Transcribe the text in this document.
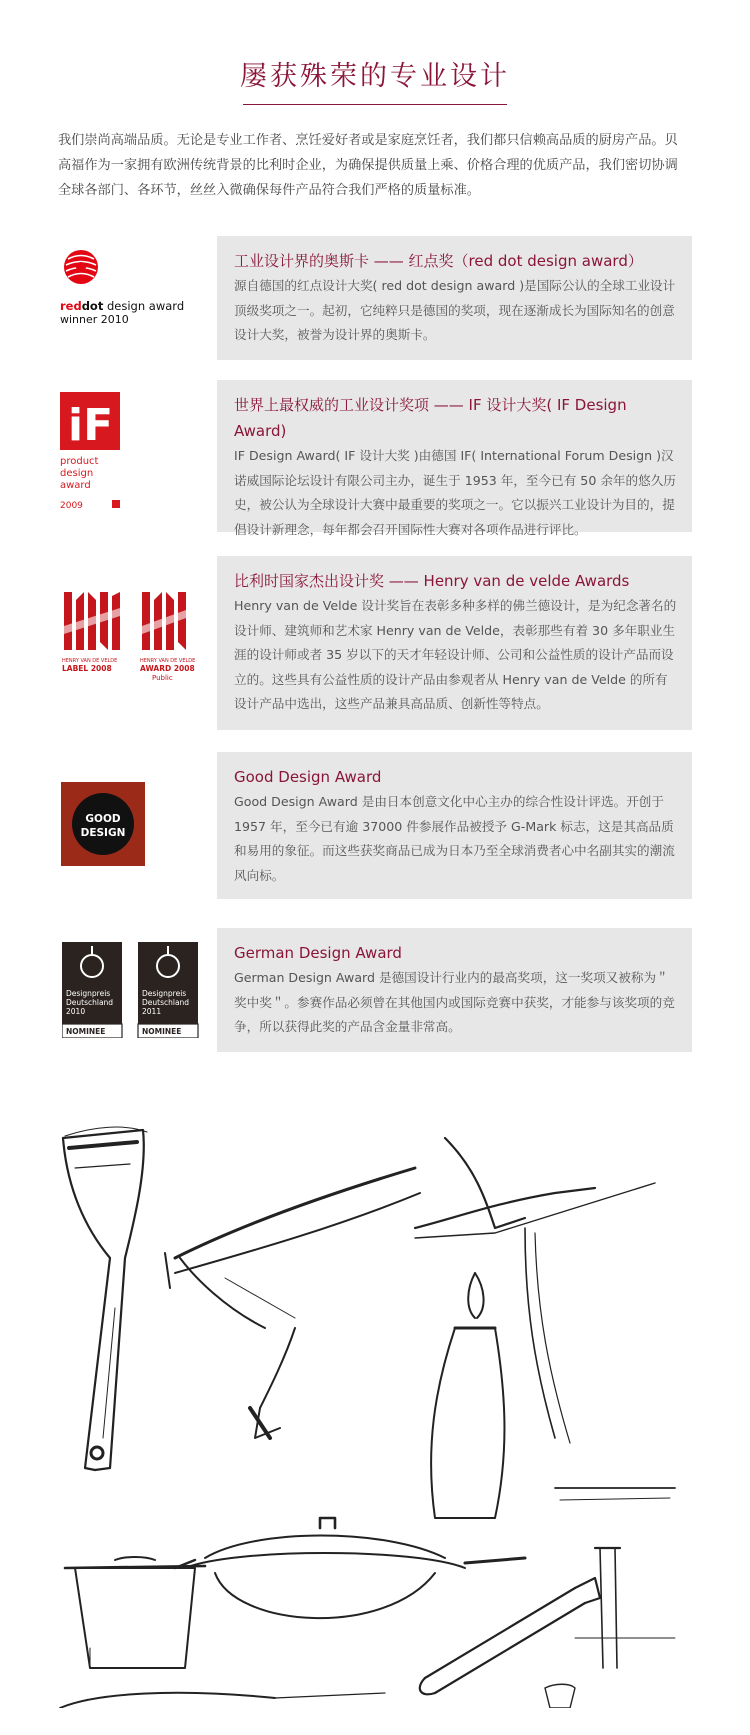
屡获殊荣的专业设计

我们崇尚高端品质。无论是专业工作者、烹饪爱好者或是家庭烹饪者，我们都只信赖高品质的厨房产品。贝高福作为一家拥有欧洲传统背景的比利时企业，为确保提供质量上乘、价格合理的优质产品，我们密切协调全球各部门、各环节，丝丝入微确保每件产品符合我们严格的质量标准。

reddot design award
winner 2010

工业设计界的奥斯卡 —— 红点奖（red dot design award）

源自德国的红点设计大奖( red dot design award )是国际公认的全球工业设计顶级奖项之一。起初，它纯粹只是德国的奖项，现在逐渐成长为国际知名的创意设计大奖，被誉为设计界的奥斯卡。

iF
product
design
award
2009

世界上最权威的工业设计奖项 —— IF 设计大奖( IF Design Award)

IF Design Award( IF 设计大奖 )由德国 IF( International Forum Design )汉诺威国际论坛设计有限公司主办，诞生于 1953 年，至今已有 50 余年的悠久历史，被公认为全球设计大赛中最重要的奖项之一。它以振兴工业设计为目的，提倡设计新理念，每年都会召开国际性大赛对各项作品进行评比。

HENRY VAN DE VELDE
LABEL 2008
HENRY VAN DE VELDE
AWARD 2008
Public

比利时国家杰出设计奖 —— Henry van de velde Awards

Henry van de Velde 设计奖旨在表彰多种多样的佛兰德设计，是为纪念著名的设计师、建筑师和艺术家 Henry van de Velde，表彰那些有着 30 多年职业生涯的设计师或者 35 岁以下的天才年轻设计师、公司和公益性质的设计产品而设立的。这些具有公益性质的设计产品由参观者从 Henry van de Velde 的所有设计产品中选出，这些产品兼具高品质、创新性等特点。

GOOD
DESIGN

Good Design Award

Good Design Award 是由日本创意文化中心主办的综合性设计评选。开创于 1957 年，至今已有逾 37000 件参展作品被授予 G-Mark 标志，这是其高品质和易用的象征。而这些获奖商品已成为日本乃至全球消费者心中名副其实的潮流风向标。

Designpreis
Deutschland
2010
NOMINEE
Designpreis
Deutschland
2011
NOMINEE

German Design Award

German Design Award 是德国设计行业内的最高奖项，这一奖项又被称为＂奖中奖＂。参赛作品必须曾在其他国内或国际竞赛中获奖，才能参与该奖项的竞争，所以获得此奖的产品含金量非常高。
